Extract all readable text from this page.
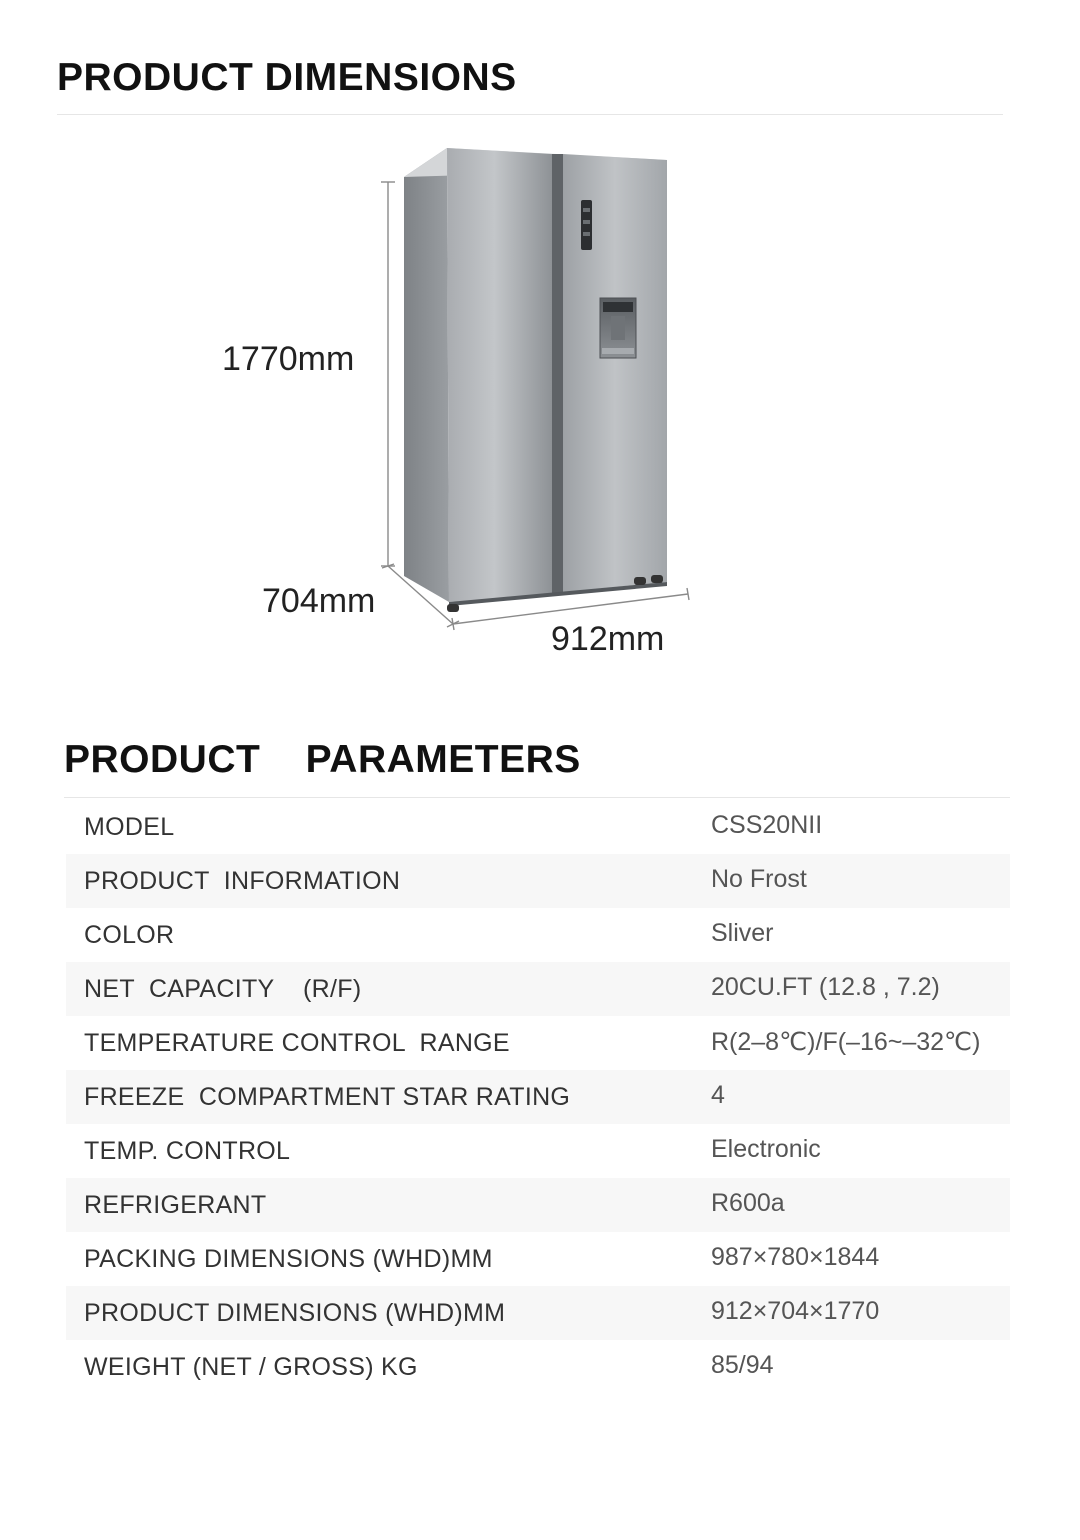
PRODUCT DIMENSIONS
1770mm
704mm
912mm
PRODUCT    PARAMETERS
MODEL	CSS20NII
PRODUCT  INFORMATION	No Frost
COLOR	Sliver
NET  CAPACITY    (R/F)	20CU.FT (12.8 , 7.2)
TEMPERATURE CONTROL  RANGE	R(2–8℃)/F(–16~–32℃)
FREEZE  COMPARTMENT STAR RATING	4
TEMP. CONTROL	Electronic
REFRIGERANT	R600a
PACKING DIMENSIONS (WHD)MM	987×780×1844
PRODUCT DIMENSIONS (WHD)MM	912×704×1770
WEIGHT (NET / GROSS) KG	85/94
